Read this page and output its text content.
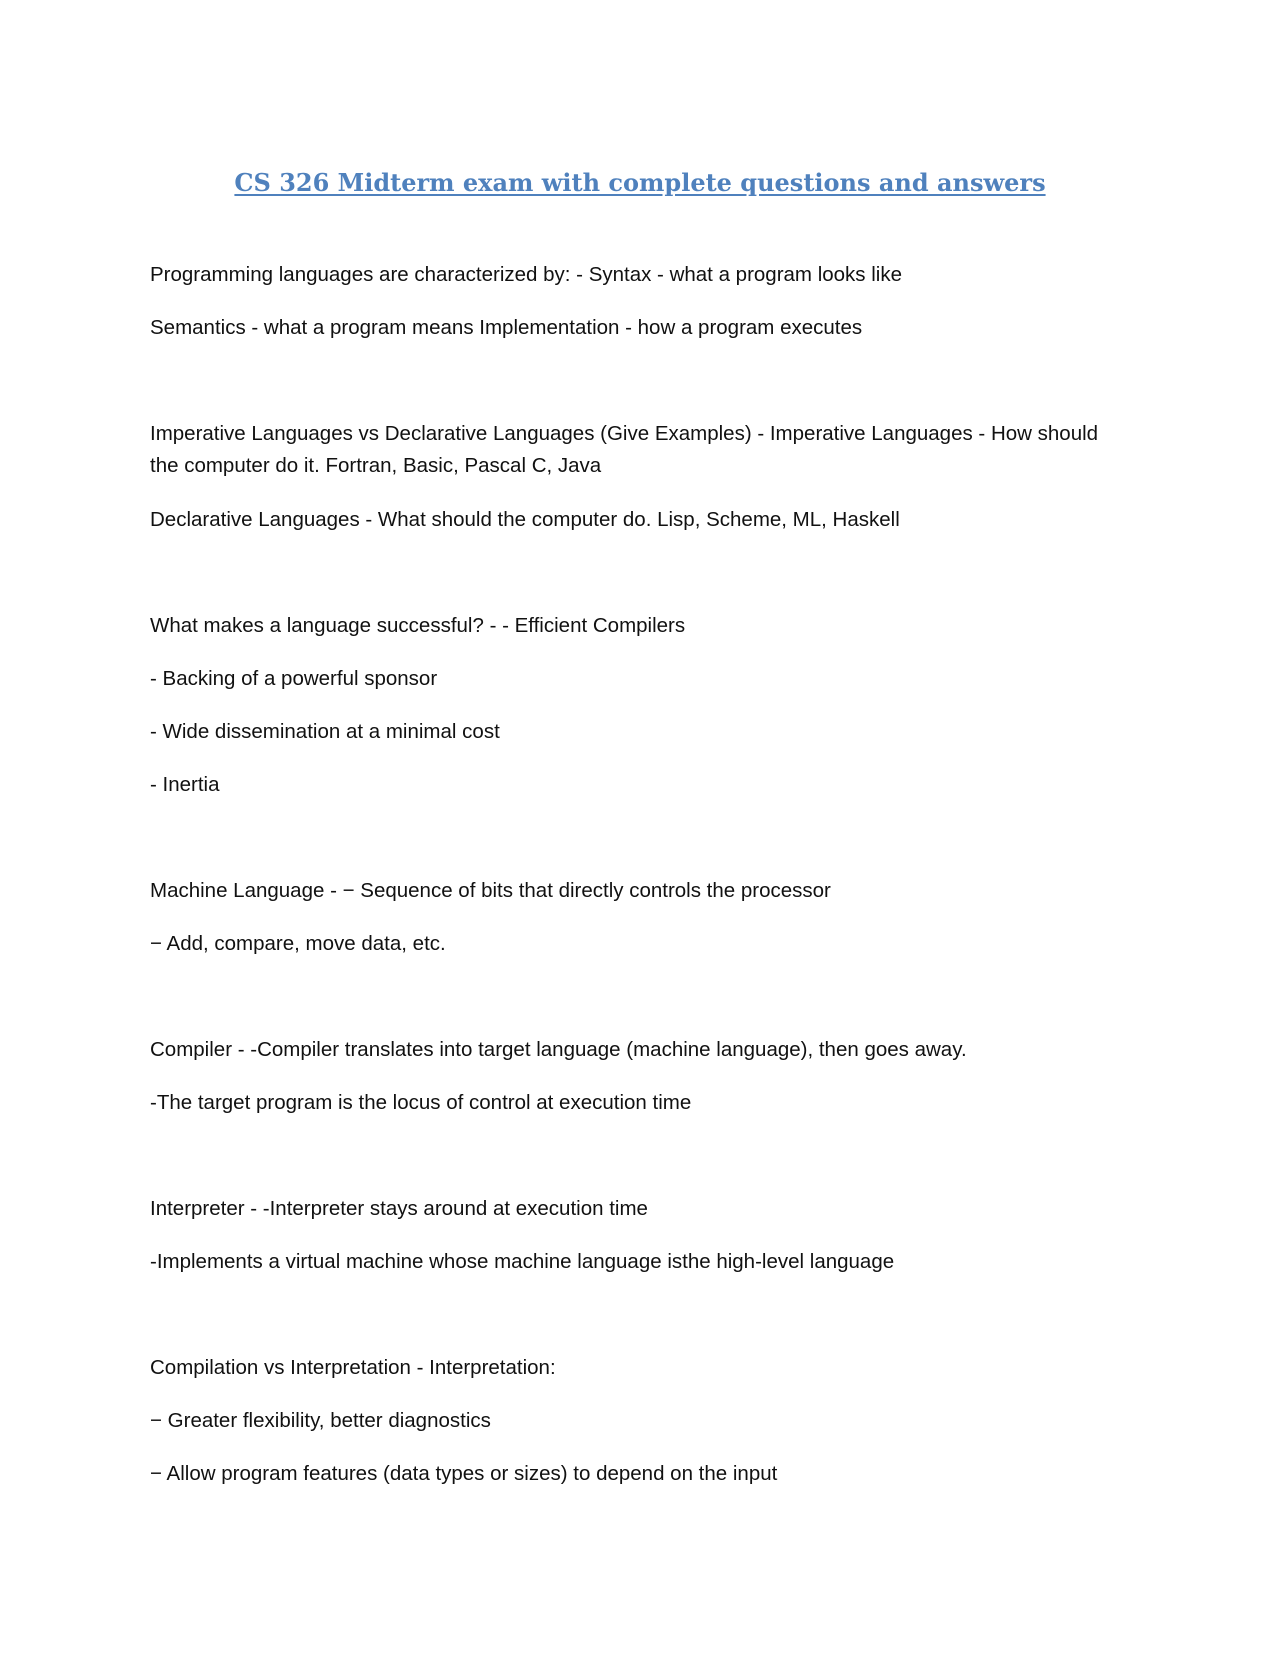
CS 326 Midterm exam with complete questions and answers
Programming languages are characterized by: - Syntax - what a program looks like
Semantics - what a program means Implementation - how a program executes
Imperative Languages vs Declarative Languages (Give Examples) - Imperative Languages - How should the computer do it. Fortran, Basic, Pascal C, Java
Declarative Languages - What should the computer do. Lisp, Scheme, ML, Haskell
What makes a language successful? - - Efficient Compilers
- Backing of a powerful sponsor
- Wide dissemination at a minimal cost
- Inertia
Machine Language - − Sequence of bits that directly controls the processor
− Add, compare, move data, etc.
Compiler - -Compiler translates into target language (machine language), then goes away.
-The target program is the locus of control at execution time
Interpreter - -Interpreter stays around at execution time
-Implements a virtual machine whose machine language isthe high-level language
Compilation vs Interpretation - Interpretation:
− Greater flexibility, better diagnostics
− Allow program features (data types or sizes) to depend on the input
